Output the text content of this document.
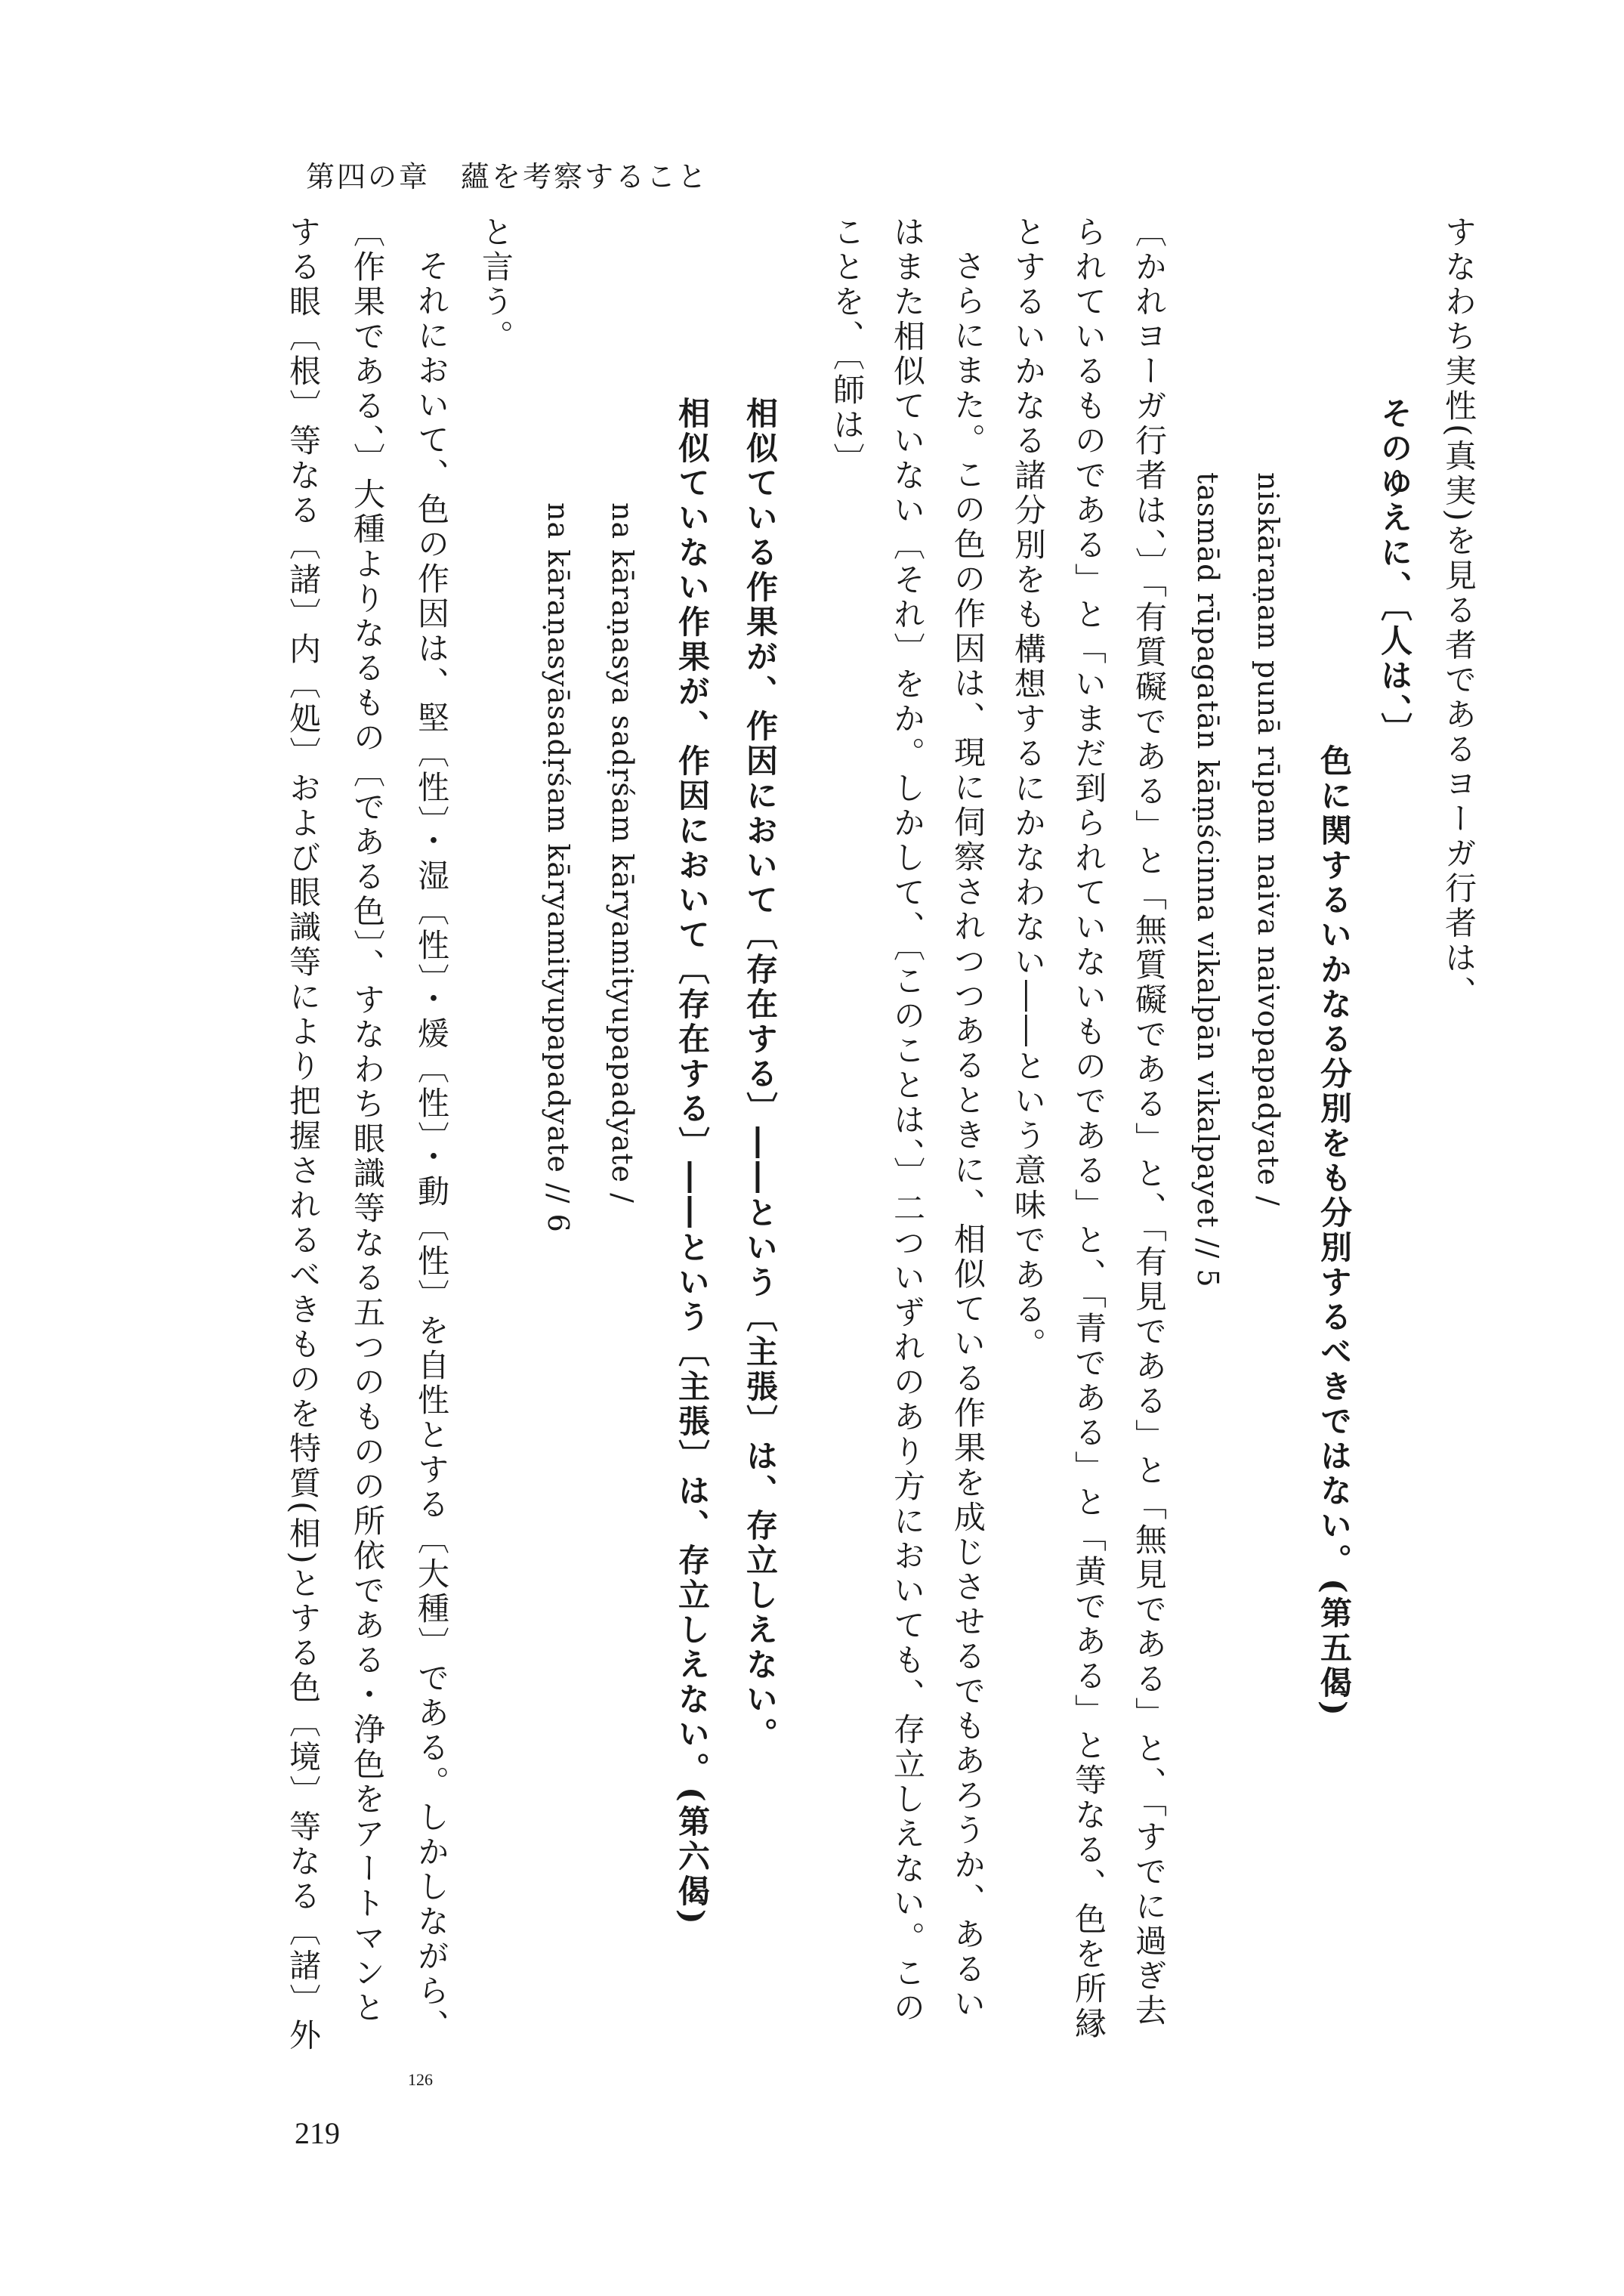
第四の章　蘊を考察すること
すなわち実性(真実)を見る者であるヨーガ行者は、
そのゆえに、〔人は、〕
色に関するいかなる分別をも分別するべきではない。(第五偈)
niskāraṇam punā rūpam naiva naivopapadyate /
tasmād rūpagatān kāṃścinna vikalpān vikalpayet // 5
〔かれヨーガ行者は、〕「有質礙である」と「無質礙である」と、「有見である」と「無見である」と、「すでに過ぎ去
られているものである」と「いまだ到られていないものである」と、「青である」と「黄である」と等なる、色を所縁
とするいかなる諸分別をも構想するにかなわない――という意味である。
さらにまた。この色の作因は、現に伺察されつつあるときに、相似ている作果を成じさせるでもあろうか、あるい
はまた相似ていない〔それ〕をか。しかして、〔このことは、〕二ついずれのあり方においても、存立しえない。この
ことを、〔師は〕
相似ている作果が、作因において〔存在する〕――という〔主張〕は、存立しえない。
相似ていない作果が、作因において〔存在する〕――という〔主張〕は、存立しえない。(第六偈)
na kāraṇasya sadṛśam kāryamityupapadyate /
na kāraṇasyāsadṛśam kāryamityupapadyate // 6
と言う。
それにおいて、色の作因は、堅〔性〕・湿〔性〕・煖〔性〕・動〔性〕を自性とする〔大種〕である。しかしながら、
〔作果である、〕大種よりなるもの〔である色〕、すなわち眼識等なる五つのものの所依である・浄色をアートマンと
する眼〔根〕等なる〔諸〕内〔処〕および眼識等により把握されるべきものを特質(相)とする色〔境〕等なる〔諸〕外
126
219
